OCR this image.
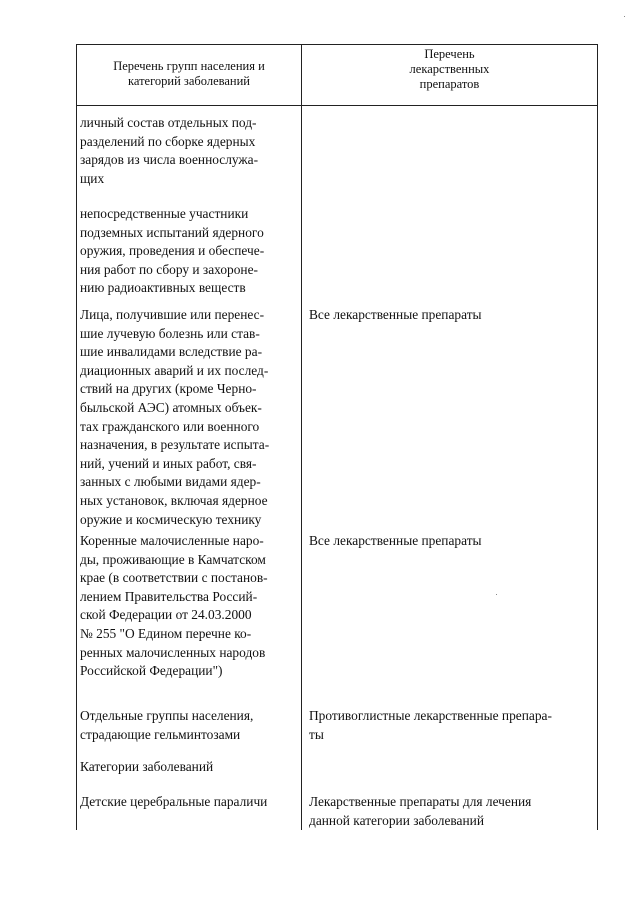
Перечень групп населения и
категорий заболеваний
Перечень
лекарственных
препаратов
личный состав отдельных под-
разделений по сборке ядерных
зарядов из числа военнослужа-
щих
непосредственные участники
подземных испытаний ядерного
оружия, проведения и обеспече-
ния работ по сбору и захороне-
нию радиоактивных веществ
Лица, получившие или перенес-
шие лучевую болезнь или став-
шие инвалидами вследствие ра-
диационных аварий и их послед-
ствий на других (кроме Черно-
быльской АЭС) атомных объек-
тах гражданского или военного
назначения, в результате испыта-
ний, учений и иных работ, свя-
занных с любыми видами ядер-
ных установок, включая ядерное
оружие и космическую технику
Коренные малочисленные наро-
ды, проживающие в Камчатском
крае (в соответствии с постанов-
лением Правительства Россий-
ской Федерации от 24.03.2000
№ 255 "О Едином перечне ко-
ренных малочисленных народов
Российской Федерации")
Отдельные группы населения,
страдающие гельминтозами
Категории заболеваний
Детские церебральные параличи
Все лекарственные препараты
Все лекарственные препараты
Противоглистные лекарственные препара-
ты
Лекарственные препараты для лечения
данной категории заболеваний
